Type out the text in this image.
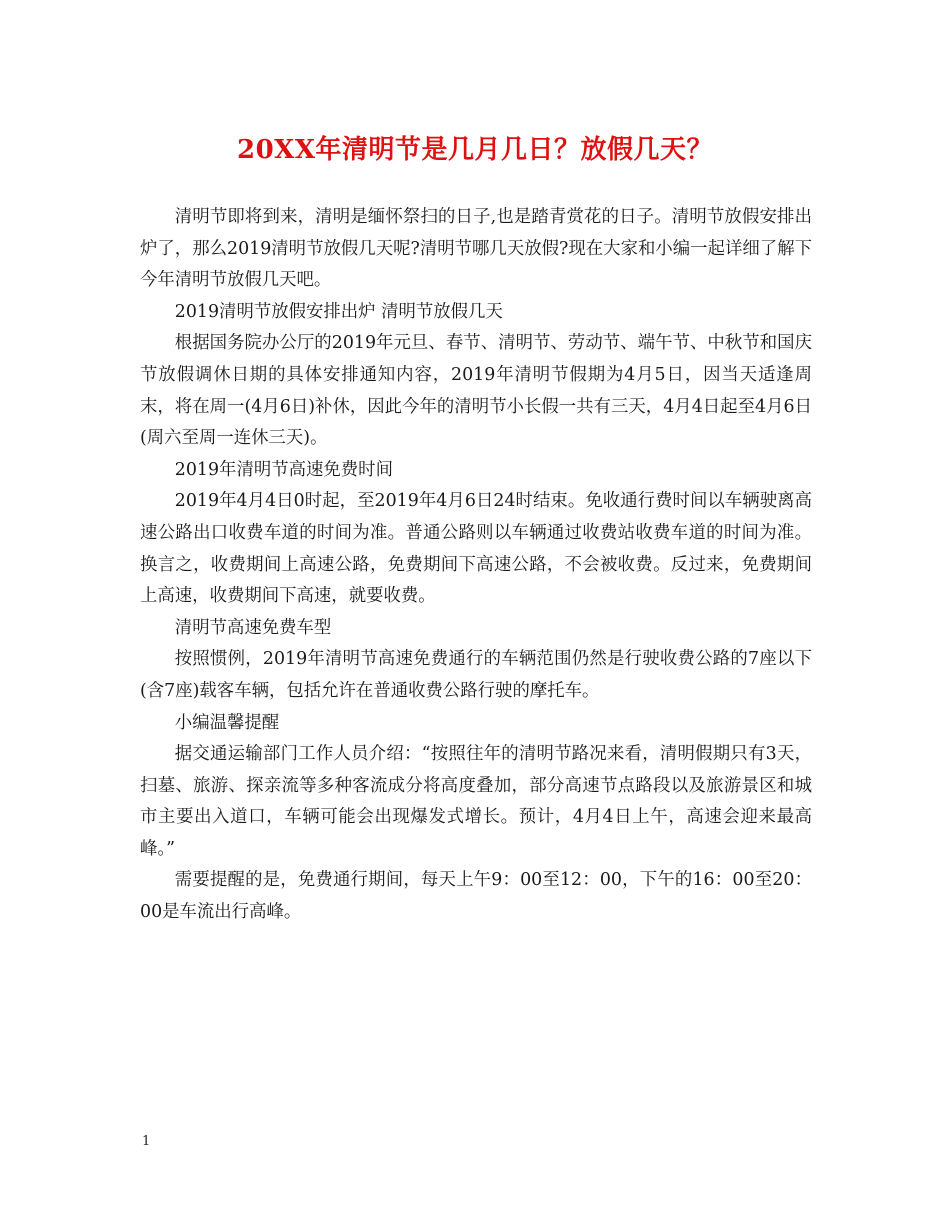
20XX年清明节是几月几日？放假几天？

清明节即将到来，清明是缅怀祭扫的日子,也是踏青赏花的日子。清明节放假安排出炉了，那么2019清明节放假几天呢?清明节哪几天放假?现在大家和小编一起详细了解下今年清明节放假几天吧。

2019清明节放假安排出炉 清明节放假几天

根据国务院办公厅的2019年元旦、春节、清明节、劳动节、端午节、中秋节和国庆节放假调休日期的具体安排通知内容，2019年清明节假期为4月5日，因当天适逢周末，将在周一(4月6日)补休，因此今年的清明节小长假一共有三天，4月4日起至4月6日(周六至周一连休三天)。

2019年清明节高速免费时间

2019年4月4日0时起，至2019年4月6日24时结束。免收通行费时间以车辆驶离高速公路出口收费车道的时间为准。普通公路则以车辆通过收费站收费车道的时间为准。换言之，收费期间上高速公路，免费期间下高速公路，不会被收费。反过来，免费期间上高速，收费期间下高速，就要收费。

清明节高速免费车型

按照惯例，2019年清明节高速免费通行的车辆范围仍然是行驶收费公路的7座以下(含7座)载客车辆，包括允许在普通收费公路行驶的摩托车。

小编温馨提醒

据交通运输部门工作人员介绍：“按照往年的清明节路况来看，清明假期只有3天，扫墓、旅游、探亲流等多种客流成分将高度叠加，部分高速节点路段以及旅游景区和城市主要出入道口，车辆可能会出现爆发式增长。预计，4月4日上午，高速会迎来最高峰。”

需要提醒的是，免费通行期间，每天上午9：00至12：00，下午的16：00至20：00是车流出行高峰。

1
